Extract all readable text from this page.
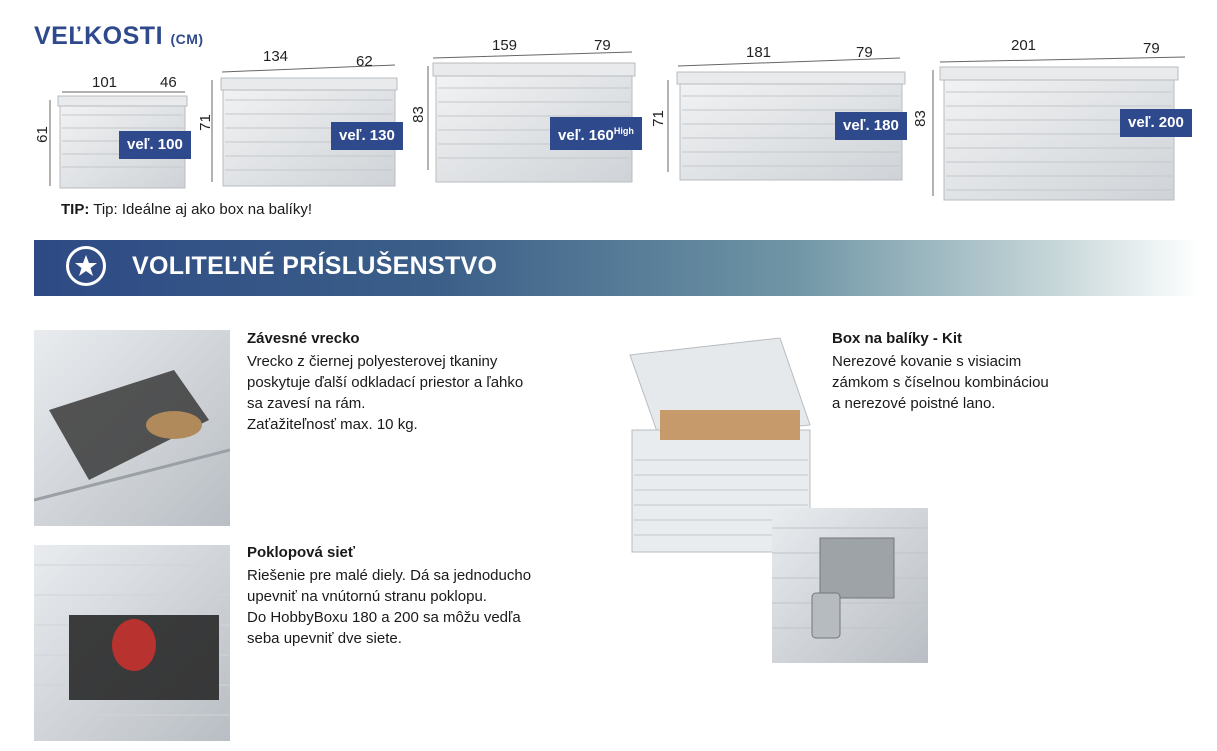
VEĽKOSTI (CM)
101	46
61
veľ. 100
134	62
71
veľ. 130
159	79
83
veľ. $160^{High}$
181	79
71	veľ. 180
201	79
83	veľ. 200
TIP: Tip: Ideálne aj ako box na balíky!
VOLITEĽNÉ PRÍSLUŠENSTVO
Závesné vrecko
Vrecko z čiernej polyesterovej tkaniny
poskytuje ďalší odkladací priestor a ľahko
sa zavesí na rám.
Zaťažiteľnosť max. 10 kg.
Poklopová sieť
Riešenie pre malé diely. Dá sa jednoducho
upevniť na vnútornú stranu poklopu.
Do HobbyBoxu 180 a 200 sa môžu vedľa
seba upevniť dve siete.
Box na balíky - Kit
Nerezové kovanie s visiacim
zámkom s číselnou kombináciou
a nerezové poistné lano.
